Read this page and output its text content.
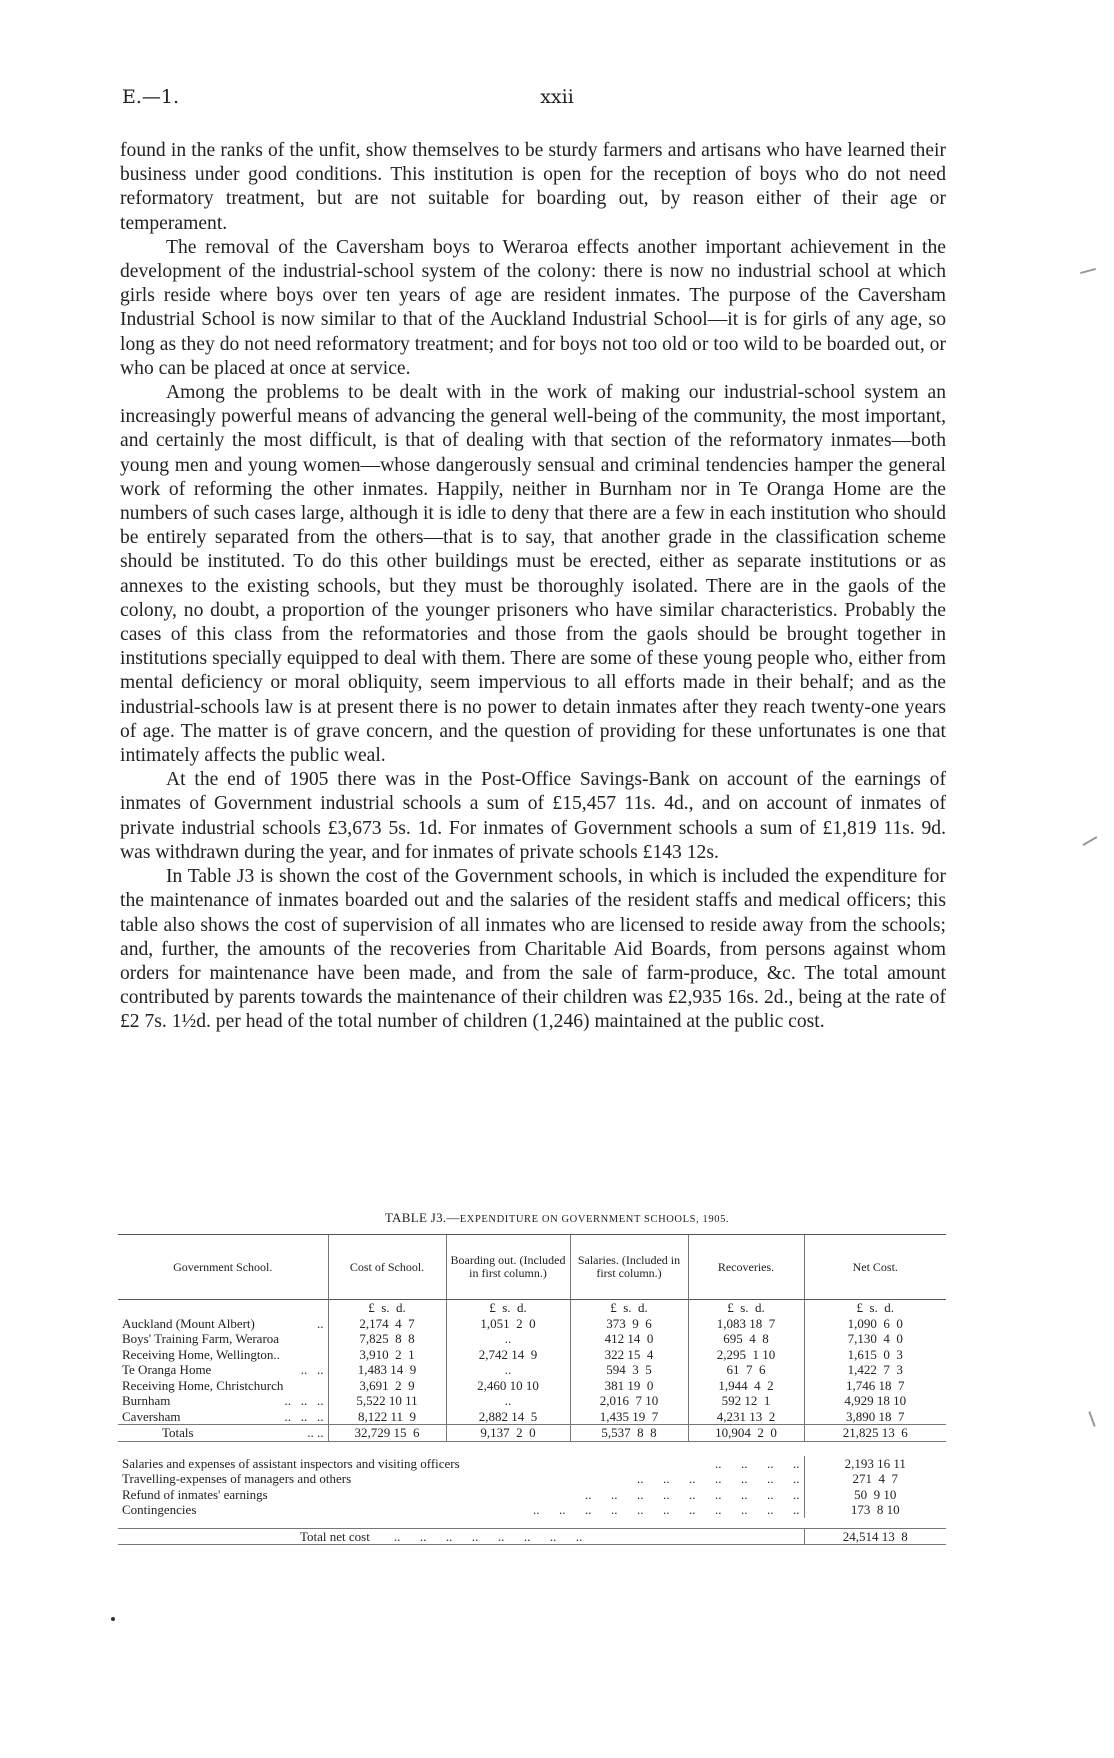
E.—1.	xxii

found in the ranks of the unfit, show themselves to be sturdy farmers and artisans who have learned their business under good conditions. This institution is open for the reception of boys who do not need reformatory treatment, but are not suitable for boarding out, by reason either of their age or temperament.

The removal of the Caversham boys to Weraroa effects another important achievement in the development of the industrial-school system of the colony: there is now no industrial school at which girls reside where boys over ten years of age are resident inmates. The purpose of the Caversham Industrial School is now similar to that of the Auckland Industrial School—it is for girls of any age, so long as they do not need reformatory treatment; and for boys not too old or too wild to be boarded out, or who can be placed at once at service.

Among the problems to be dealt with in the work of making our industrial-school system an increasingly powerful means of advancing the general well-being of the community, the most important, and certainly the most difficult, is that of dealing with that section of the reformatory inmates—both young men and young women—whose dangerously sensual and criminal tendencies hamper the general work of reforming the other inmates. Happily, neither in Burnham nor in Te Oranga Home are the numbers of such cases large, although it is idle to deny that there are a few in each institution who should be entirely separated from the others—that is to say, that another grade in the classification scheme should be instituted. To do this other buildings must be erected, either as separate institutions or as annexes to the existing schools, but they must be thoroughly isolated. There are in the gaols of the colony, no doubt, a proportion of the younger prisoners who have similar characteristics. Probably the cases of this class from the reformatories and those from the gaols should be brought together in institutions specially equipped to deal with them. There are some of these young people who, either from mental deficiency or moral obliquity, seem impervious to all efforts made in their behalf; and as the industrial-schools law is at present there is no power to detain inmates after they reach twenty-one years of age. The matter is of grave concern, and the question of providing for these unfortunates is one that intimately affects the public weal.

At the end of 1905 there was in the Post-Office Savings-Bank on account of the earnings of inmates of Government industrial schools a sum of £15,457 11s. 4d., and on account of inmates of private industrial schools £3,673 5s. 1d. For inmates of Government schools a sum of £1,819 11s. 9d. was withdrawn during the year, and for inmates of private schools £143 12s.

In Table J3 is shown the cost of the Government schools, in which is included the expenditure for the maintenance of inmates boarded out and the salaries of the resident staffs and medical officers; this table also shows the cost of supervision of all inmates who are licensed to reside away from the schools; and, further, the amounts of the recoveries from Charitable Aid Boards, from persons against whom orders for maintenance have been made, and from the sale of farm-produce, &c. The total amount contributed by parents towards the maintenance of their children was £2,935 16s. 2d., being at the rate of £2 7s. 1½d. per head of the total number of children (1,246) maintained at the public cost.

TABLE J3.—EXPENDITURE ON GOVERNMENT SCHOOLS, 1905.
Government School.	Cost of School.	Boarding out. (Included in first column.)	Salaries. (Included in first column.)	Recoveries.	Net Cost.
	£  s.  d.	£  s.  d.	£  s.  d.	£  s.  d.	£  s.  d.
Auckland (Mount Albert) ..	2,174  4  7	1,051  2  0	373  9  6	1,083 18  7	1,090  6  0
Boys' Training Farm, Weraroa	7,825  8  8	..	412 14  0	695  4  8	7,130  4  0
Receiving Home, Wellington..	3,910  2  1	2,742 14  9	322 15  4	2,295  1 10	1,615  0  3
Te Oranga Home ..   ..	1,483 14  9	..	594  3  5	61  7  6	1,422  7  3
Receiving Home, Christchurch	3,691  2  9	2,460 10 10	381 19  0	1,944  4  2	1,746 18  7
Burnham ..   ..   ..	5,522 10 11	..	2,016  7 10	592 12  1	4,929 18 10
Caversham ..   ..   ..	8,122 11  9	2,882 14  5	1,435 19  7	4,231 13  2	3,890 18  7
Totals .. ..	32,729 15  6	9,137  2  0	5,537  8  8	10,904  2  0	21,825 13  6

Salaries and expenses of assistant inspectors and visiting officers ..      ..      ..      ..					2,193 16 11
Travelling-expenses of managers and others ..      ..      ..      ..      ..      ..      ..					271  4  7
Refund of inmates' earnings ..      ..      ..      ..      ..      ..      ..      ..      ..					50  9 10
Contingencies ..      ..      ..      ..      ..      ..      ..      ..      ..      ..      ..					173  8 10

Total net cost ..      ..      ..      ..      ..      ..      ..      ..					24,514 13  8
